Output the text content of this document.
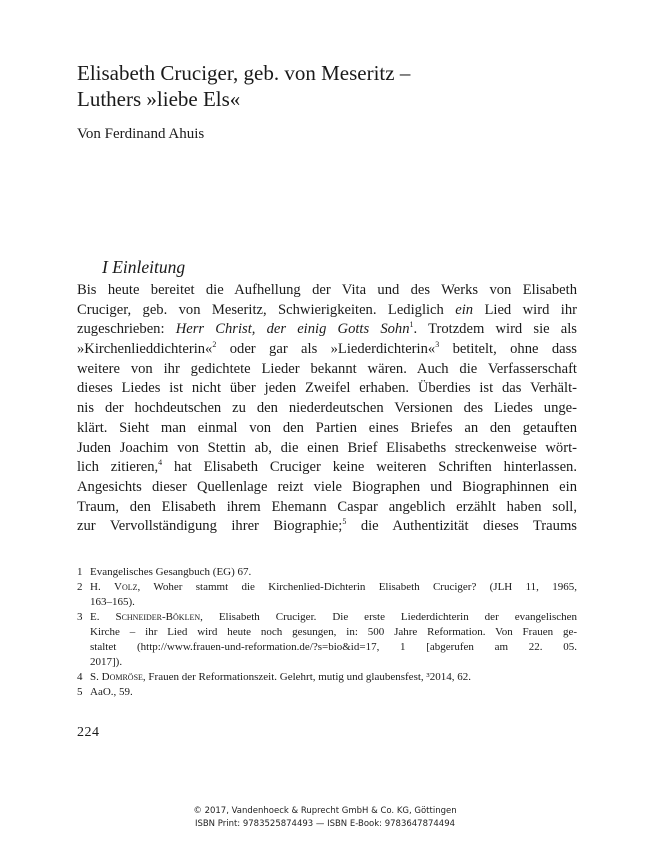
Elisabeth Cruciger, geb. von Meseritz –
Luthers »liebe Els«
Von Ferdinand Ahuis
I Einleitung
Bis heute bereitet die Aufhellung der Vita und des Werks von Elisabeth
Cruciger, geb. von Meseritz, Schwierigkeiten. Lediglich ein Lied wird ihr
zugeschrieben: Herr Christ, der einig Gotts Sohn$^1$. Trotzdem wird sie als
»Kirchenlieddichterin«$^2$ oder gar als »Liederdichterin«$^3$ betitelt, ohne dass
weitere von ihr gedichtete Lieder bekannt wären. Auch die Verfasserschaft
dieses Liedes ist nicht über jeden Zweifel erhaben. Überdies ist das Verhält-
nis der hochdeutschen zu den niederdeutschen Versionen des Liedes unge-
klärt. Sieht man einmal von den Partien eines Briefes an den getauften
Juden Joachim von Stettin ab, die einen Brief Elisabeths streckenweise wört-
lich zitieren,$^4$ hat Elisabeth Cruciger keine weiteren Schriften hinterlassen.
Angesichts dieser Quellenlage reizt viele Biographen und Biographinnen ein
Traum, den Elisabeth ihrem Ehemann Caspar angeblich erzählt haben soll,
zur Vervollständigung ihrer Biographie;$^5$ die Authentizität dieses Traums
1 Evangelisches Gesangbuch (EG) 67.
2 H. Volz, Woher stammt die Kirchenlied-Dichterin Elisabeth Cruciger? (JLH 11, 1965,
163–165).
3 E. Schneider-Böklen, Elisabeth Cruciger. Die erste Liederdichterin der evangelischen
Kirche – ihr Lied wird heute noch gesungen, in: 500 Jahre Reformation. Von Frauen ge-
staltet (http://www.frauen-und-reformation.de/?s=bio&id=17, 1 [abgerufen am 22. 05.
2017]).
4 S. Domröse, Frauen der Reformationszeit. Gelehrt, mutig und glaubensfest, ³2014, 62.
5 AaO., 59.
224
© 2017, Vandenhoeck & Ruprecht GmbH & Co. KG, Göttingen
ISBN Print: 9783525874493 — ISBN E-Book: 9783647874494
